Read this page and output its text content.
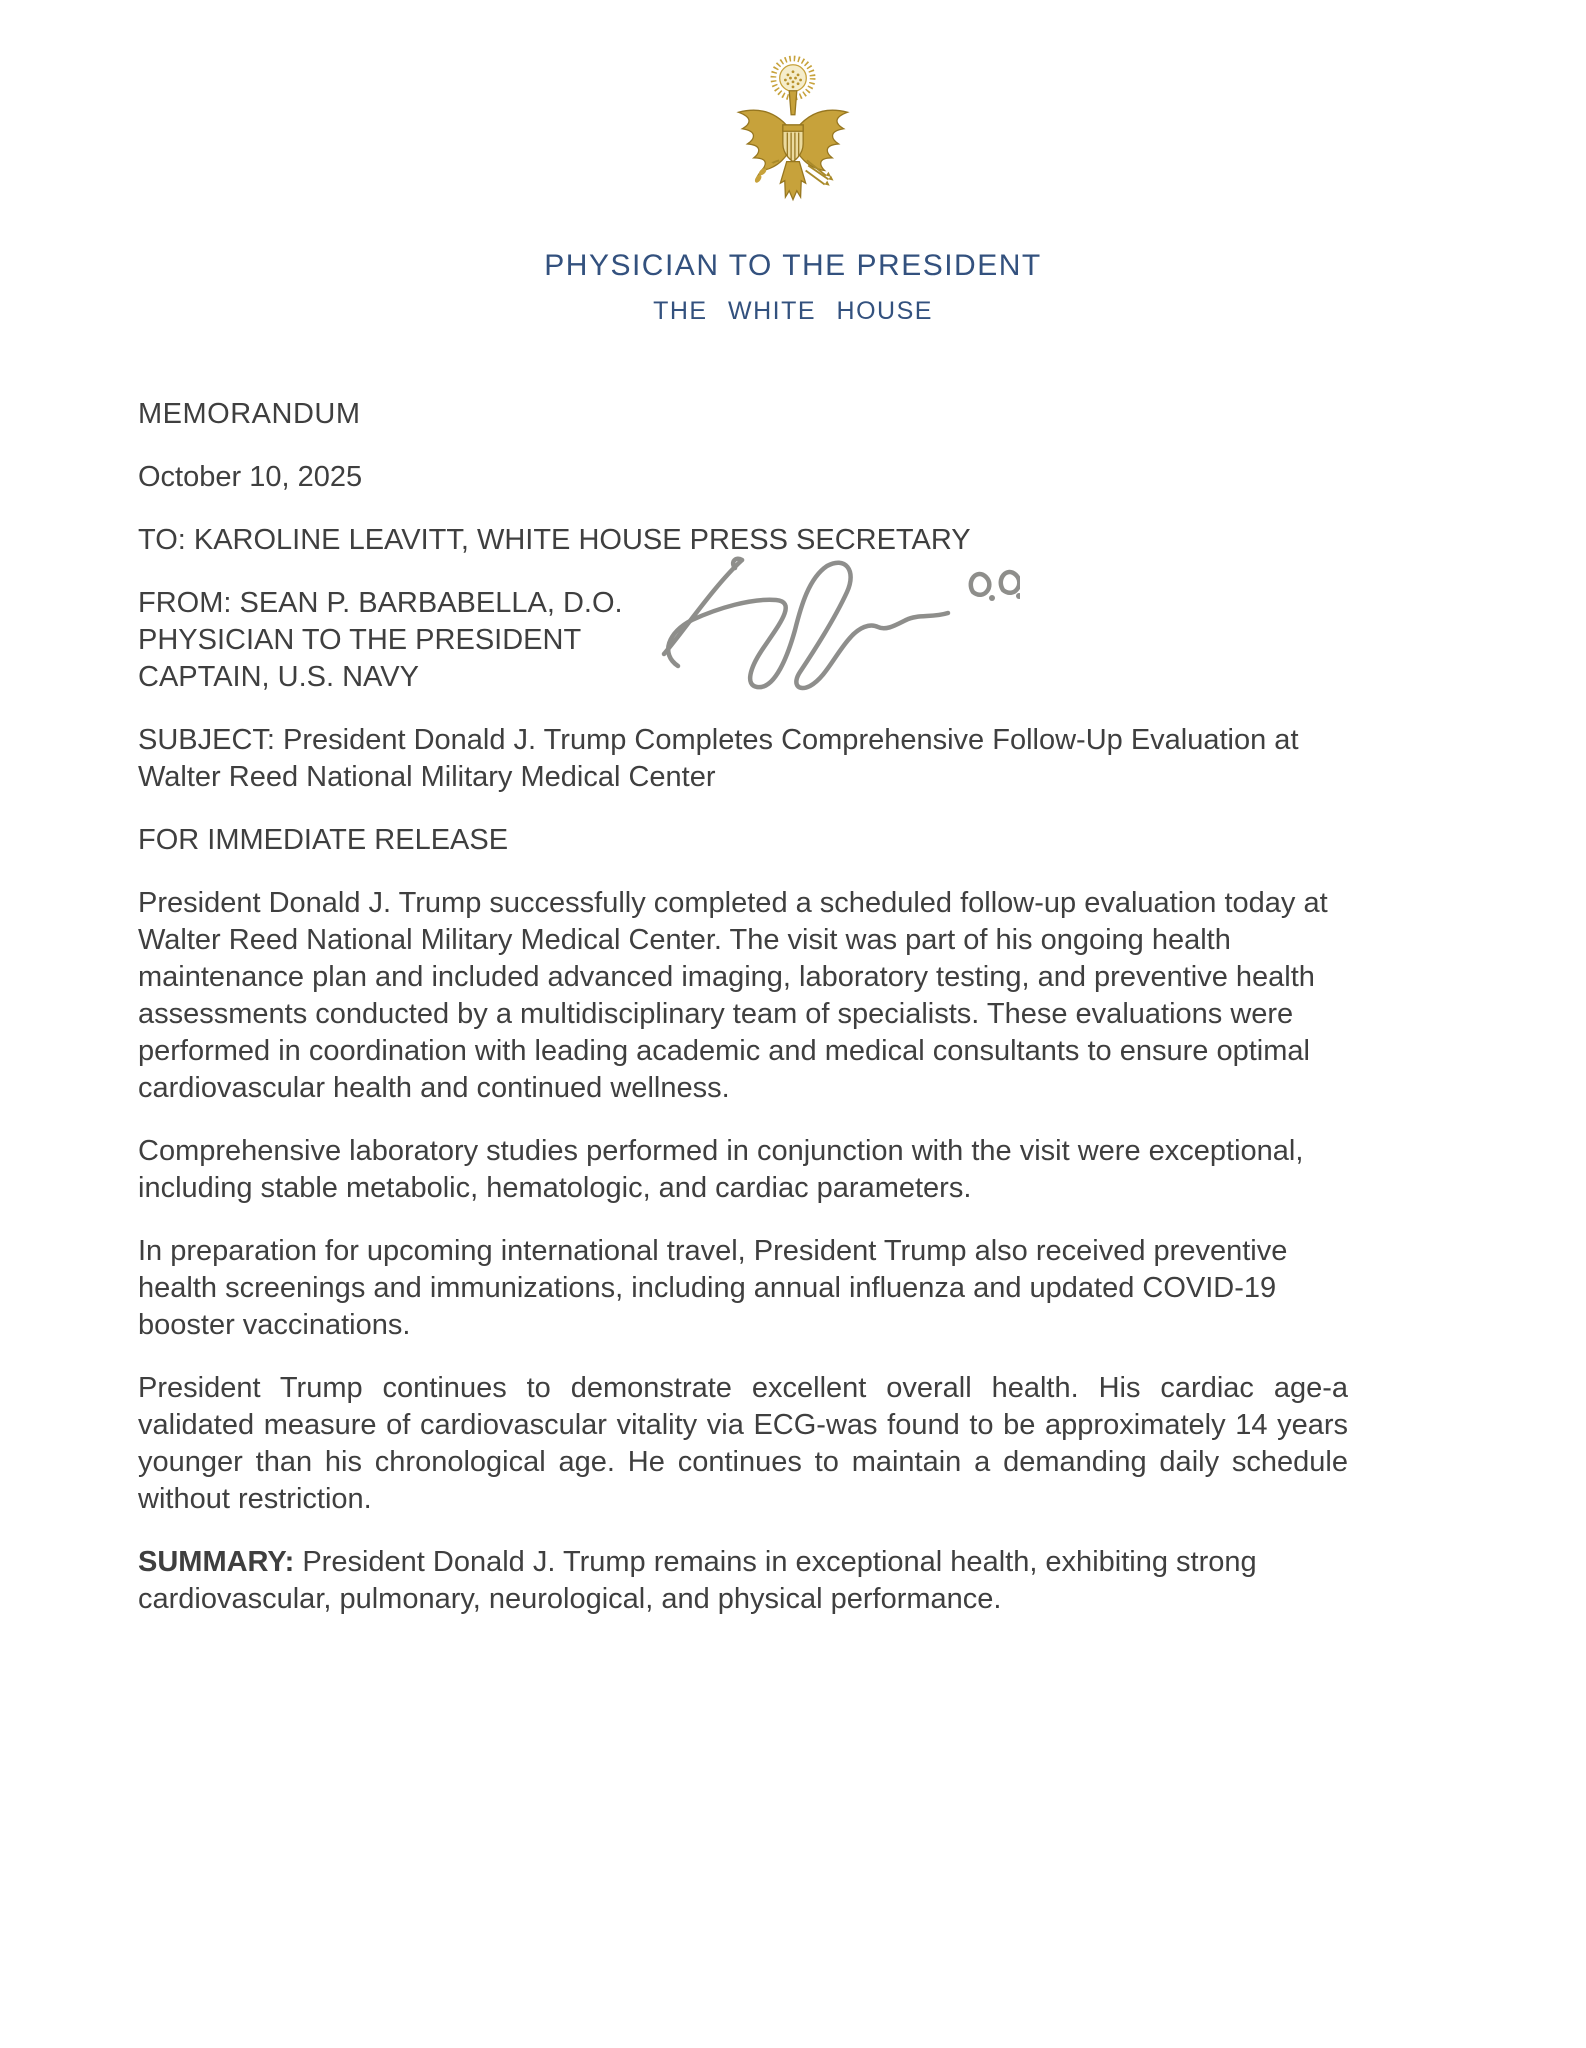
PHYSICIAN TO THE PRESIDENT
THE WHITE HOUSE
MEMORANDUM
October 10, 2025
TO: KAROLINE LEAVITT, WHITE HOUSE PRESS SECRETARY
FROM: SEAN P. BARBABELLA, D.O.
PHYSICIAN TO THE PRESIDENT
CAPTAIN, U.S. NAVY
SUBJECT: President Donald J. Trump Completes Comprehensive Follow-Up Evaluation at
Walter Reed National Military Medical Center
FOR IMMEDIATE RELEASE
President Donald J. Trump successfully completed a scheduled follow-up evaluation today at
Walter Reed National Military Medical Center. The visit was part of his ongoing health
maintenance plan and included advanced imaging, laboratory testing, and preventive health
assessments conducted by a multidisciplinary team of specialists. These evaluations were
performed in coordination with leading academic and medical consultants to ensure optimal
cardiovascular health and continued wellness.
Comprehensive laboratory studies performed in conjunction with the visit were exceptional,
including stable metabolic, hematologic, and cardiac parameters.
In preparation for upcoming international travel, President Trump also received preventive
health screenings and immunizations, including annual influenza and updated COVID-19
booster vaccinations.
President Trump continues to demonstrate excellent overall health. His cardiac age-a
validated measure of cardiovascular vitality via ECG-was found to be approximately 14 years
younger than his chronological age. He continues to maintain a demanding daily schedule
without restriction.
SUMMARY: President Donald J. Trump remains in exceptional health, exhibiting strong
cardiovascular, pulmonary, neurological, and physical performance.
